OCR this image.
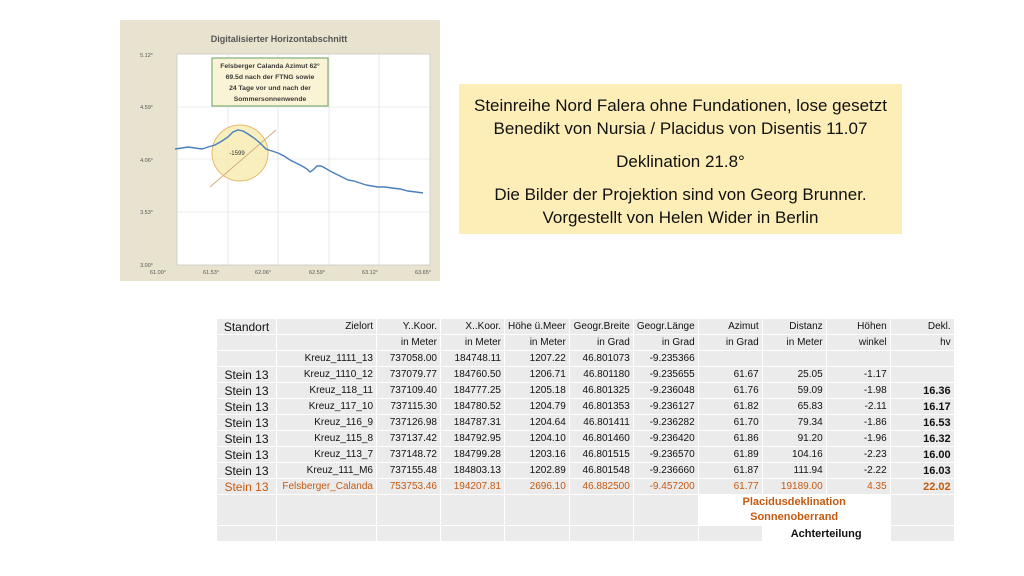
Digitalisierter Horizontabschnitt
5.12°
4.59°
4.06°
3.53°
3.00°
61.00°	61.53°	62.06°	62.59°	63.12°	63.65°
-1599
Felsberger Calanda Azimut 62°
69.5d nach der FTNG sowie
24 Tage vor und nach der
Sommersonnenwende	Steinreihe Nord Falera ohne Fundationen, lose gesetzt

Benedikt von Nursia / Placidus von Disentis 11.07

Deklination 21.8°

Die Bilder der Projektion sind von Georg Brunner.

Vorgestellt von Helen Wider in Berlin

Standort	Zielort	Y..Koor.	X..Koor.	Höhe ü.Meer	Geogr.Breite	Geogr.Länge	Azimut	Distanz	Höhen	Dekl.
		in Meter	in Meter	in Meter	in Grad	in Grad	in Grad	in Meter	winkel	hv
	Kreuz_1111_13	737058.00	184748.11	1207.22	46.801073	-9.235366				
Stein 13	Kreuz_1110_12	737079.77	184760.50	1206.71	46.801180	-9.235655	61.67	25.05	-1.17	
Stein 13	Kreuz_118_11	737109.40	184777.25	1205.18	46.801325	-9.236048	61.76	59.09	-1.98	16.36
Stein 13	Kreuz_117_10	737115.30	184780.52	1204.79	46.801353	-9.236127	61.82	65.83	-2.11	16.17
Stein 13	Kreuz_116_9	737126.98	184787.31	1204.64	46.801411	-9.236282	61.70	79.34	-1.86	16.53
Stein 13	Kreuz_115_8	737137.42	184792.95	1204.10	46.801460	-9.236420	61.86	91.20	-1.96	16.32
Stein 13	Kreuz_113_7	737148.72	184799.28	1203.16	46.801515	-9.236570	61.89	104.16	-2.23	16.00
Stein 13	Kreuz_111_M6	737155.48	184803.13	1202.89	46.801548	-9.236660	61.87	111.94	-2.22	16.03
Stein 13	Felsberger_Calanda	753753.46	194207.81	2696.10	46.882500	-9.457200	61.77	19189.00	4.35	22.02
							Placidusdeklination
Sonnenoberrand			
								Achterteilung		
